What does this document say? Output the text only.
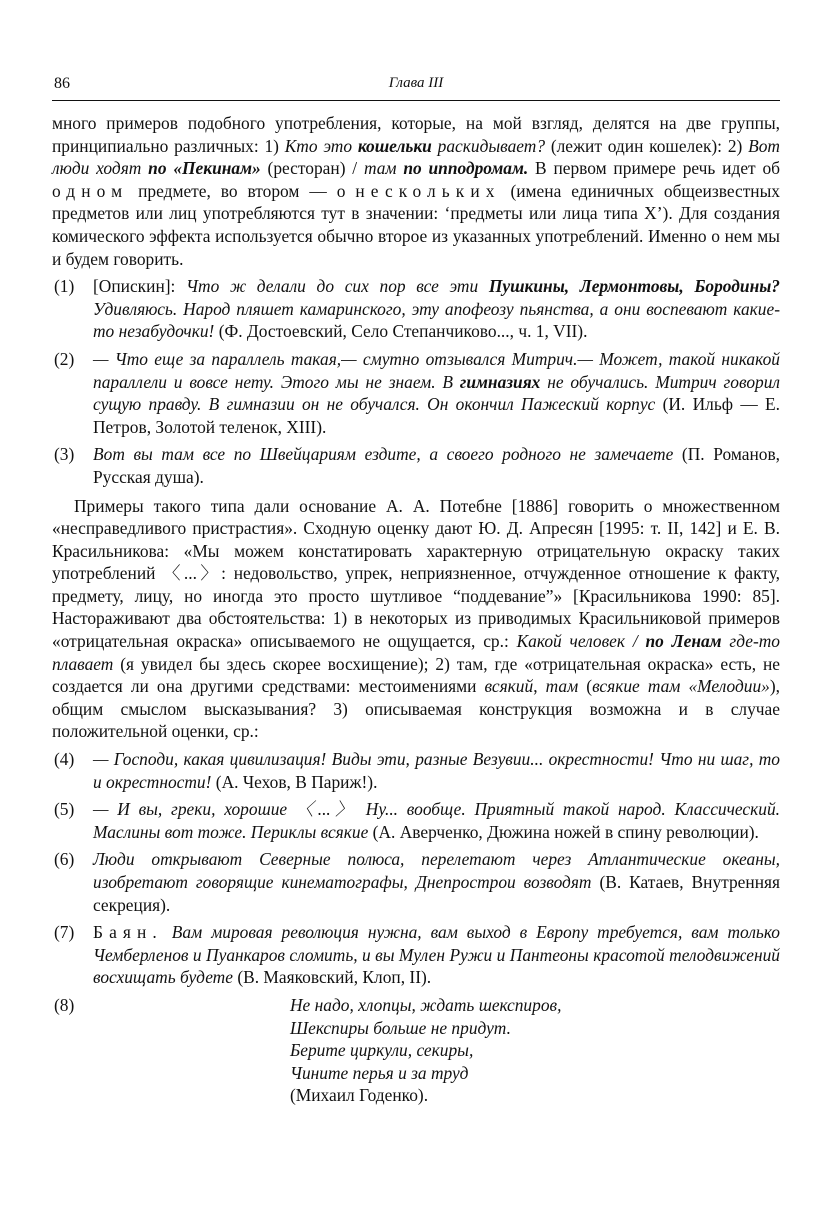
86	Глава III

много примеров подобного употребления, которые, на мой взгляд, делятся на две группы, принципиально различных: 1) Кто это кошельки раскидывает? (лежит один кошелек): 2) Вот люди ходят по «Пекинам» (ресторан) / там по ипподромам. В первом примере речь идет об одном предмете, во втором — о нескольких (имена единичных общеизвестных предметов или лиц употребляются тут в значении: ‘предметы или лица типа X’). Для создания комического эффекта используется обычно второе из указанных употреблений. Именно о нем мы и будем говорить.

(1) [Опискин]: Что ж делали до сих пор все эти Пушкины, Лермонтовы, Бородины? Удивляюсь. Народ пляшет камаринского, эту апофеозу пьянства, а они воспевают какие-то незабудочки! (Ф. Достоевский, Село Степанчиково..., ч. 1, VII).
(2) — Что еще за параллель такая,— смутно отзывался Митрич.— Может, такой никакой параллели и вовсе нету. Этого мы не знаем. В гимназиях не обучались. Митрич говорил сущую правду. В гимназии он не обучался. Он окончил Пажеский корпус (И. Ильф — Е. Петров, Золотой теленок, XIII).
(3) Вот вы там все по Швейцариям ездите, а своего родного не замечаете (П. Романов, Русская душа).

Примеры такого типа дали основание А. А. Потебне [1886] говорить о множественном «несправедливого пристрастия». Сходную оценку дают Ю. Д. Апресян [1995: т. II, 142] и Е. В. Красильникова: «Мы можем констатировать характерную отрицательную окраску таких употреблений 〈...〉: недовольство, упрек, неприязненное, отчужденное отношение к факту, предмету, лицу, но иногда это просто шутливое “поддевание”» [Красильникова 1990: 85]. Настораживают два обстоятельства: 1) в некоторых из приводимых Красильниковой примеров «отрицательная окраска» описываемого не ощущается, ср.: Какой человек / по Ленам где-то плавает (я увидел бы здесь скорее восхищение); 2) там, где «отрицательная окраска» есть, не создается ли она другими средствами: местоимениями всякий, там (всякие там «Мелодии»), общим смыслом высказывания? 3) описываемая конструкция возможна и в случае положительной оценки, ср.:

(4) — Господи, какая цивилизация! Виды эти, разные Везувии... окрестности! Что ни шаг, то и окрестности! (А. Чехов, В Париж!).
(5) — И вы, греки, хорошие 〈...〉 Ну... вообще. Приятный такой народ. Классический. Маслины вот тоже. Периклы всякие (А. Аверченко, Дюжина ножей в спину революции).
(6) Люди открывают Северные полюса, перелетают через Атлантические океаны, изобретают говорящие кинематографы, Днепрострои возводят (В. Катаев, Внутренняя секреция).
(7) Баян. Вам мировая революция нужна, вам выход в Европу требуется, вам только Чемберленов и Пуанкаров сломить, и вы Мулен Ружи и Пантеоны красотой телодвижений восхищать будете (В. Маяковский, Клоп, II).
(8)	Не надо, хлопцы, ждать шекспиров,
Шекспиры больше не придут.
Берите циркули, секиры,
Чините перья и за труд
(Михаил Годенко).
